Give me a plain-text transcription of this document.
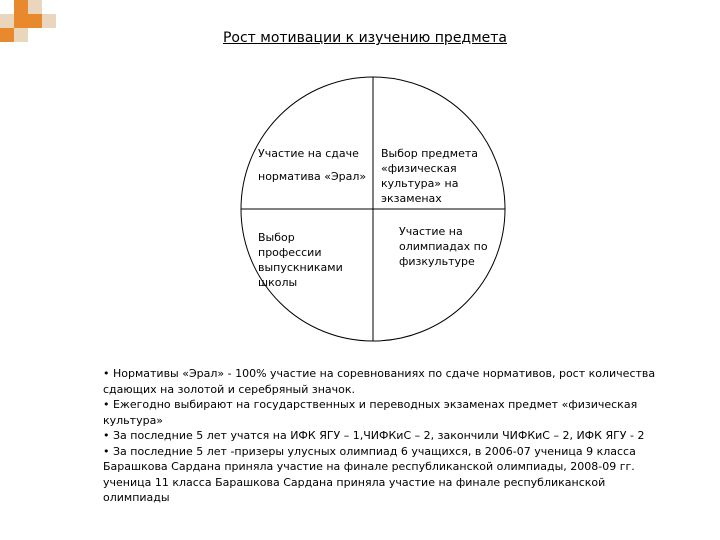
Рост мотивации к изучению предмета

Участие на сдаче

норматива «Эрал»

Выбор предмета «физическая культура» на экзаменах
Выбор профессии выпускниками школы
Участие на олимпиадах по физкультуре
• Нормативы «Эрал» - 100% участие на соревнованиях по сдаче нормативов, рост количества сдающих на золотой и серебряный значок.
• Ежегодно выбирают на государственных и переводных экзаменах предмет «физическая культура»
• За последние 5 лет учатся на ИФК ЯГУ – 1,ЧИФКиС – 2, закончили ЧИФКиС – 2, ИФК ЯГУ - 2
• За последние 5 лет -призеры улусных олимпиад 6 учащихся, в 2006-07 ученица 9 класса Барашкова Сардана приняла участие на финале республиканской олимпиады, 2008-09 гг. ученица 11 класса Барашкова Сардана приняла участие на финале республиканской олимпиады
